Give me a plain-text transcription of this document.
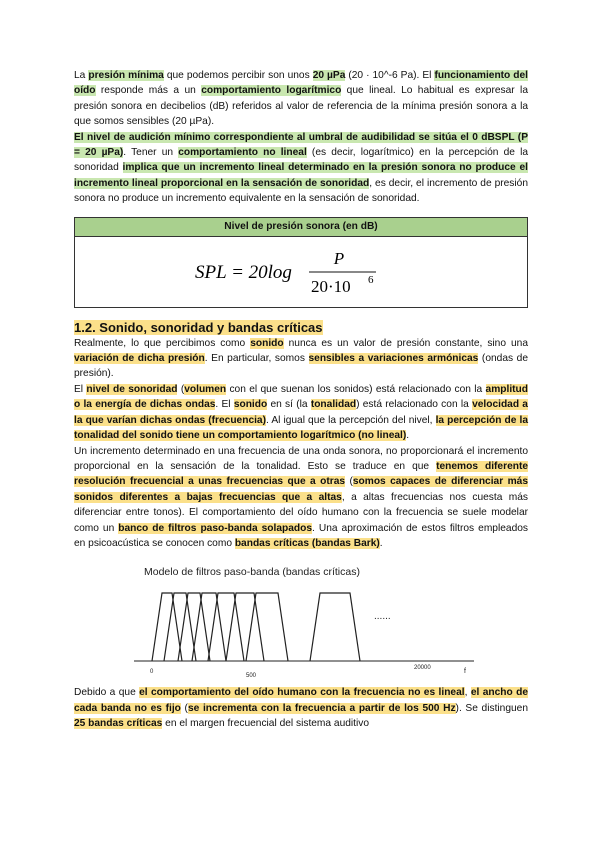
La presión mínima que podemos percibir son unos 20 µPa (20 · 10^-6 Pa). El funcionamiento del oído responde más a un comportamiento logarítmico que lineal. Lo habitual es expresar la presión sonora en decibelios (dB) referidos al valor de referencia de la mínima presión sonora a la que somos sensibles (20 µPa).

El nivel de audición mínimo correspondiente al umbral de audibilidad se sitúa el 0 dBSPL (P = 20 µPa). Tener un comportamiento no lineal (es decir, logarítmico) en la percepción de la sonoridad implica que un incremento lineal determinado en la presión sonora no produce el incremento lineal proporcional en la sensación de sonoridad, es decir, el incremento de presión sonora no produce un incremento equivalente en la sensación de sonoridad.

Nivel de presión sonora (en dB)
SPL = 20log
P
20·10 6
1.2. Sonido, sonoridad y bandas críticas

Realmente, lo que percibimos como sonido nunca es un valor de presión constante, sino una variación de dicha presión. En particular, somos sensibles a variaciones armónicas (ondas de presión).

El nivel de sonoridad (volumen con el que suenan los sonidos) está relacionado con la amplitud o la energía de dichas ondas. El sonido en sí (la tonalidad) está relacionado con la velocidad a la que varían dichas ondas (frecuencia). Al igual que la percepción del nivel, la percepción de la tonalidad del sonido tiene un comportamiento logarítmico (no lineal).

Un incremento determinado en una frecuencia de una onda sonora, no proporcionará el incremento proporcional en la sensación de la tonalidad. Esto se traduce en que tenemos diferente resolución frecuencial a unas frecuencias que a otras (somos capaces de diferenciar más sonidos diferentes a bajas frecuencias que a altas, a altas frecuencias nos cuesta más diferenciar entre tonos). El comportamiento del oído humano con la frecuencia se suele modelar como un banco de filtros paso-banda solapados. Una aproximación de estos filtros empleados en psicoacústica se conocen como bandas críticas (bandas Bark).

Modelo de filtros paso-banda (bandas críticas)
......
0
500
20000	f

Debido a que el comportamiento del oído humano con la frecuencia no es lineal, el ancho de cada banda no es fijo (se incrementa con la frecuencia a partir de los 500 Hz). Se distinguen 25 bandas críticas en el margen frecuencial del sistema auditivo
